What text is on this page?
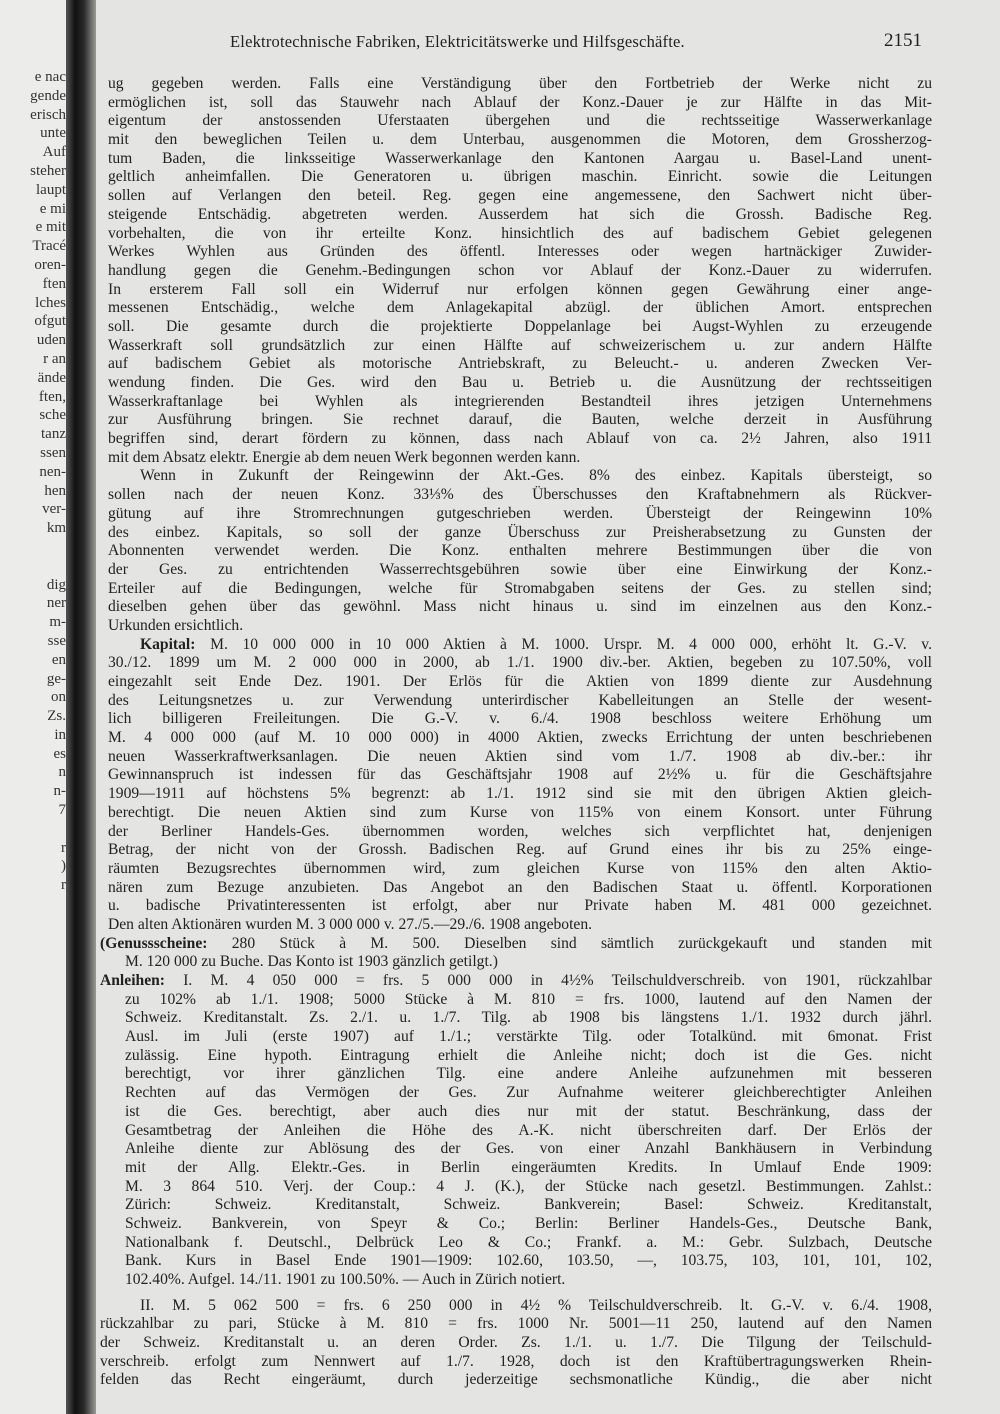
e nac
gende
erisch
unte
Auf
steher
laupt
e mi
e mit
Tracé
oren-
ften
lches
ofgut
uden
r an
ände
ften,
sche
tanz
ssen
nen-
hen
ver-
km
dig
ner
m-
sse
en
ge-
on
Zs.
in
es
n
n-
7
r
)
r
Elektrotechnische Fabriken, Elektricitätswerke und Hilfsgeschäfte.	2151
ug gegeben werden. Falls eine Verständigung über den Fortbetrieb der Werke nicht zu
ermöglichen ist, soll das Stauwehr nach Ablauf der Konz.-Dauer je zur Hälfte in das Mit-
eigentum der anstossenden Uferstaaten übergehen und die rechtsseitige Wasserwerkanlage
mit den beweglichen Teilen u. dem Unterbau, ausgenommen die Motoren, dem Grossherzog-
tum Baden, die linksseitige Wasserwerkanlage den Kantonen Aargau u. Basel-Land unent-
geltlich anheimfallen. Die Generatoren u. übrigen maschin. Einricht. sowie die Leitungen
sollen auf Verlangen den beteil. Reg. gegen eine angemessene, den Sachwert nicht über-
steigende Entschädig. abgetreten werden. Ausserdem hat sich die Grossh. Badische Reg.
vorbehalten, die von ihr erteilte Konz. hinsichtlich des auf badischem Gebiet gelegenen
Werkes Wyhlen aus Gründen des öffentl. Interesses oder wegen hartnäckiger Zuwider-
handlung gegen die Genehm.-Bedingungen schon vor Ablauf der Konz.-Dauer zu widerrufen.
In ersterem Fall soll ein Widerruf nur erfolgen können gegen Gewährung einer ange-
messenen Entschädig., welche dem Anlagekapital abzügl. der üblichen Amort. entsprechen
soll. Die gesamte durch die projektierte Doppelanlage bei Augst-Wyhlen zu erzeugende
Wasserkraft soll grundsätzlich zur einen Hälfte auf schweizerischem u. zur andern Hälfte
auf badischem Gebiet als motorische Antriebskraft, zu Beleucht.- u. anderen Zwecken Ver-
wendung finden. Die Ges. wird den Bau u. Betrieb u. die Ausnützung der rechtsseitigen
Wasserkraftanlage bei Wyhlen als integrierenden Bestandteil ihres jetzigen Unternehmens
zur Ausführung bringen. Sie rechnet darauf, die Bauten, welche derzeit in Ausführung
begriffen sind, derart fördern zu können, dass nach Ablauf von ca. 2½ Jahren, also 1911
mit dem Absatz elektr. Energie ab dem neuen Werk begonnen werden kann.
Wenn in Zukunft der Reingewinn der Akt.-Ges. 8% des einbez. Kapitals übersteigt, so
sollen nach der neuen Konz. 33⅓% des Überschusses den Kraftabnehmern als Rückver-
gütung auf ihre Stromrechnungen gutgeschrieben werden. Übersteigt der Reingewinn 10%
des einbez. Kapitals, so soll der ganze Überschuss zur Preisherabsetzung zu Gunsten der
Abonnenten verwendet werden. Die Konz. enthalten mehrere Bestimmungen über die von
der Ges. zu entrichtenden Wasserrechtsgebühren sowie über eine Einwirkung der Konz.-
Erteiler auf die Bedingungen, welche für Stromabgaben seitens der Ges. zu stellen sind;
dieselben gehen über das gewöhnl. Mass nicht hinaus u. sind im einzelnen aus den Konz.-
Urkunden ersichtlich.
Kapital: M. 10 000 000 in 10 000 Aktien à M. 1000. Urspr. M. 4 000 000, erhöht lt. G.-V. v.
30./12. 1899 um M. 2 000 000 in 2000, ab 1./1. 1900 div.-ber. Aktien, begeben zu 107.50%, voll
eingezahlt seit Ende Dez. 1901. Der Erlös für die Aktien von 1899 diente zur Ausdehnung
des Leitungsnetzes u. zur Verwendung unterirdischer Kabelleitungen an Stelle der wesent-
lich billigeren Freileitungen. Die G.-V. v. 6./4. 1908 beschloss weitere Erhöhung um
M. 4 000 000 (auf M. 10 000 000) in 4000 Aktien, zwecks Errichtung der unten beschriebenen
neuen Wasserkraftwerksanlagen. Die neuen Aktien sind vom 1./7. 1908 ab div.-ber.: ihr
Gewinnanspruch ist indessen für das Geschäftsjahr 1908 auf 2½% u. für die Geschäftsjahre
1909—1911 auf höchstens 5% begrenzt: ab 1./1. 1912 sind sie mit den übrigen Aktien gleich-
berechtigt. Die neuen Aktien sind zum Kurse von 115% von einem Konsort. unter Führung
der Berliner Handels-Ges. übernommen worden, welches sich verpflichtet hat, denjenigen
Betrag, der nicht von der Grossh. Badischen Reg. auf Grund eines ihr bis zu 25% einge-
räumten Bezugsrechtes übernommen wird, zum gleichen Kurse von 115% den alten Aktio-
nären zum Bezuge anzubieten. Das Angebot an den Badischen Staat u. öffentl. Korporationen
u. badische Privatinteressenten ist erfolgt, aber nur Private haben M. 481 000 gezeichnet.
Den alten Aktionären wurden M. 3 000 000 v. 27./5.—29./6. 1908 angeboten.
(Genussscheine: 280 Stück à M. 500. Dieselben sind sämtlich zurückgekauft und standen mit
M. 120 000 zu Buche. Das Konto ist 1903 gänzlich getilgt.)
Anleihen: I. M. 4 050 000 = frs. 5 000 000 in 4½% Teilschuldverschreib. von 1901, rückzahlbar
zu 102% ab 1./1. 1908; 5000 Stücke à M. 810 = frs. 1000, lautend auf den Namen der
Schweiz. Kreditanstalt. Zs. 2./1. u. 1./7. Tilg. ab 1908 bis längstens 1./1. 1932 durch jährl.
Ausl. im Juli (erste 1907) auf 1./1.; verstärkte Tilg. oder Totalkünd. mit 6monat. Frist
zulässig. Eine hypoth. Eintragung erhielt die Anleihe nicht; doch ist die Ges. nicht
berechtigt, vor ihrer gänzlichen Tilg. eine andere Anleihe aufzunehmen mit besseren
Rechten auf das Vermögen der Ges. Zur Aufnahme weiterer gleichberechtigter Anleihen
ist die Ges. berechtigt, aber auch dies nur mit der statut. Beschränkung, dass der
Gesamtbetrag der Anleihen die Höhe des A.-K. nicht überschreiten darf. Der Erlös der
Anleihe diente zur Ablösung des der Ges. von einer Anzahl Bankhäusern in Verbindung
mit der Allg. Elektr.-Ges. in Berlin eingeräumten Kredits. In Umlauf Ende 1909:
M. 3 864 510. Verj. der Coup.: 4 J. (K.), der Stücke nach gesetzl. Bestimmungen. Zahlst.:
Zürich: Schweiz. Kreditanstalt, Schweiz. Bankverein; Basel: Schweiz. Kreditanstalt,
Schweiz. Bankverein, von Speyr & Co.; Berlin: Berliner Handels-Ges., Deutsche Bank,
Nationalbank f. Deutschl., Delbrück Leo & Co.; Frankf. a. M.: Gebr. Sulzbach, Deutsche
Bank. Kurs in Basel Ende 1901—1909: 102.60, 103.50, —, 103.75, 103, 101, 101, 102,
102.40%. Aufgel. 14./11. 1901 zu 100.50%. — Auch in Zürich notiert.
II. M. 5 062 500 = frs. 6 250 000 in 4½ % Teilschuldverschreib. lt. G.-V. v. 6./4. 1908,
rückzahlbar zu pari, Stücke à M. 810 = frs. 1000 Nr. 5001—11 250, lautend auf den Namen
der Schweiz. Kreditanstalt u. an deren Order. Zs. 1./1. u. 1./7. Die Tilgung der Teilschuld-
verschreib. erfolgt zum Nennwert auf 1./7. 1928, doch ist den Kraftübertragungswerken Rhein-
felden das Recht eingeräumt, durch jederzeitige sechsmonatliche Kündig., die aber nicht
